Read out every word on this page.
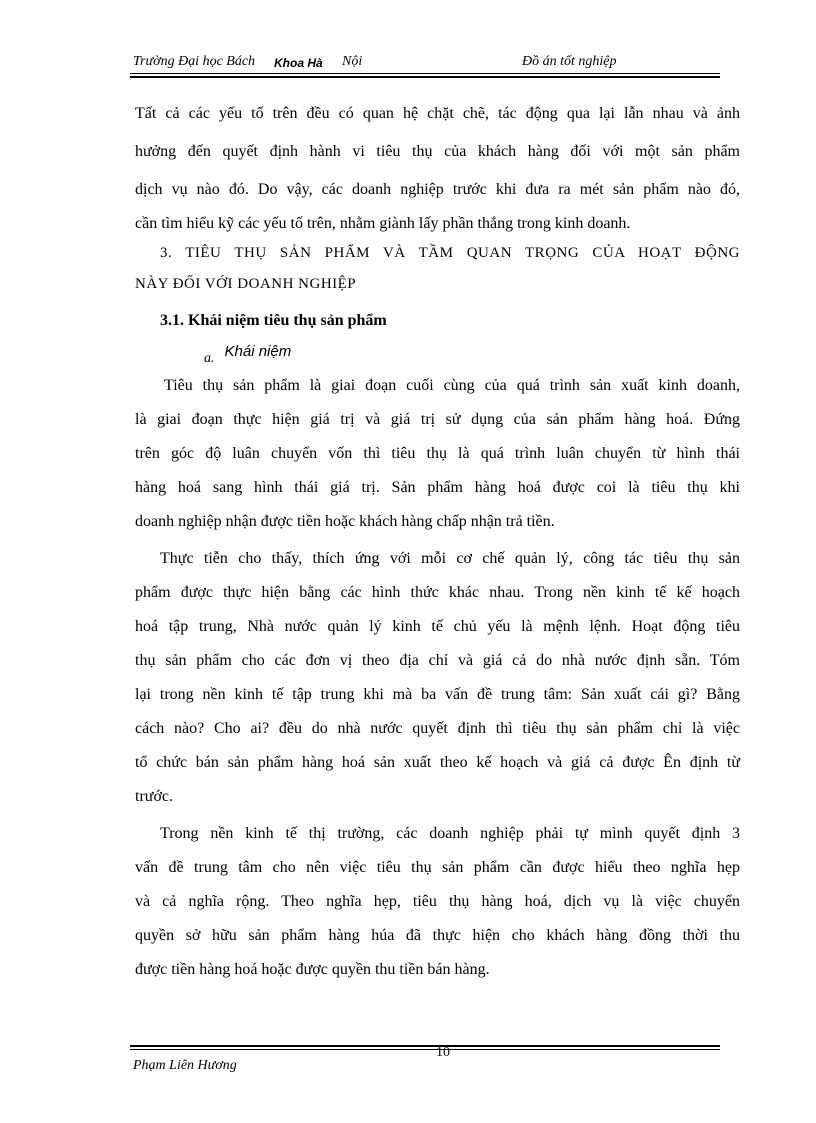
Trường Đại học Bách Khoa Hà Nội	Đồ án tốt nghiệp
Tất cả các yếu tố trên đều có quan hệ chặt chẽ, tác động qua lại lẫn nhau và ảnh
hưởng đến quyết định hành vi tiêu thụ của khách hàng đối với một sản phẩm
dịch vụ nào đó. Do vậy, các doanh nghiệp trước khi đưa ra mét sản phẩm nào đó,
cần tìm hiểu kỹ các yếu tố trên, nhằm giành lấy phần thắng trong kinh doanh.
3. TIÊU THỤ SẢN PHẨM VÀ TẦM QUAN TRỌNG CỦA HOẠT ĐỘNG
NÀY ĐỐI VỚI DOANH NGHIỆP
3.1. Khái niệm tiêu thụ sản phẩm
a. Khái niệm
Tiêu thụ sản phẩm là giai đoạn cuối cùng của quá trình sản xuất kinh doanh,
là giai đoạn thực hiện giá trị và giá trị sử dụng của sản phẩm hàng hoá. Đứng
trên góc độ luân chuyển vốn thì tiêu thụ là quá trình luân chuyển từ hình thái
hàng hoá sang hình thái giá trị. Sản phẩm hàng hoá được coi là tiêu thụ khi
doanh nghiệp nhận được tiền hoặc khách hàng chấp nhận trả tiền.
Thực tiễn cho thấy, thích ứng với mỗi cơ chế quản lý, công tác tiêu thụ sản
phẩm được thực hiện bằng các hình thức khác nhau. Trong nền kinh tế kế hoạch
hoá tập trung, Nhà nước quản lý kinh tế chủ yếu là mệnh lệnh. Hoạt động tiêu
thụ sản phẩm cho các đơn vị theo địa chỉ và giá cả do nhà nước định sẵn. Tóm
lại trong nền kinh tế tập trung khi mà ba vấn đề trung tâm: Sản xuất cái gì? Bằng
cách nào? Cho ai? đều do nhà nước quyết định thì tiêu thụ sản phẩm chỉ là việc
tổ chức bán sản phẩm hàng hoá sản xuất theo kế hoạch và giá cả được Ên định từ
trước.
Trong nền kinh tế thị trường, các doanh nghiệp phải tự mình quyết định 3
vấn đề trung tâm cho nên việc tiêu thụ sản phẩm cần được hiểu theo nghĩa hẹp
và cả nghĩa rộng. Theo nghĩa hẹp, tiêu thụ hàng hoá, dịch vụ là việc chuyển
quyền sở hữu sản phẩm hàng húa đã thực hiện cho khách hàng đồng thời thu
được tiền hàng hoá hoặc được quyền thu tiền bán hàng.
10
Phạm Liên Hương
